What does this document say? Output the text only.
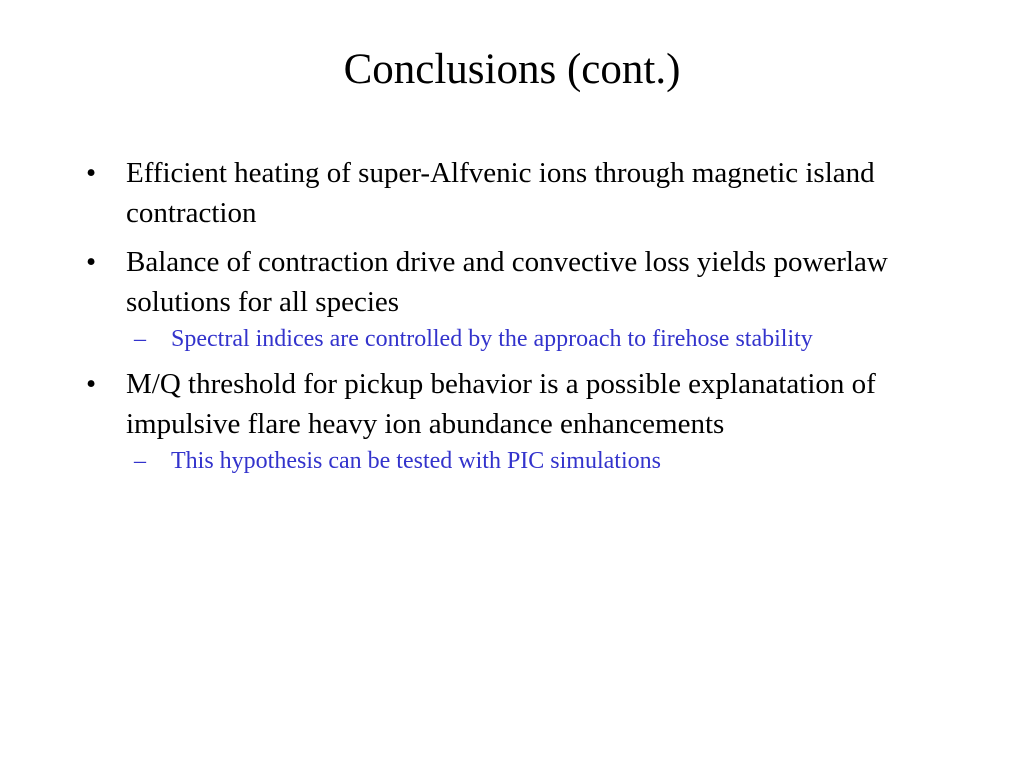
Conclusions (cont.)
• Efficient heating of super-Alfvenic ions through magnetic island contraction
• Balance of contraction drive and convective loss yields powerlaw solutions for all species
– Spectral indices are controlled by the approach to firehose stability
• M/Q threshold for pickup behavior is a possible explanatation of impulsive flare heavy ion abundance enhancements
– This hypothesis can be tested with PIC simulations
